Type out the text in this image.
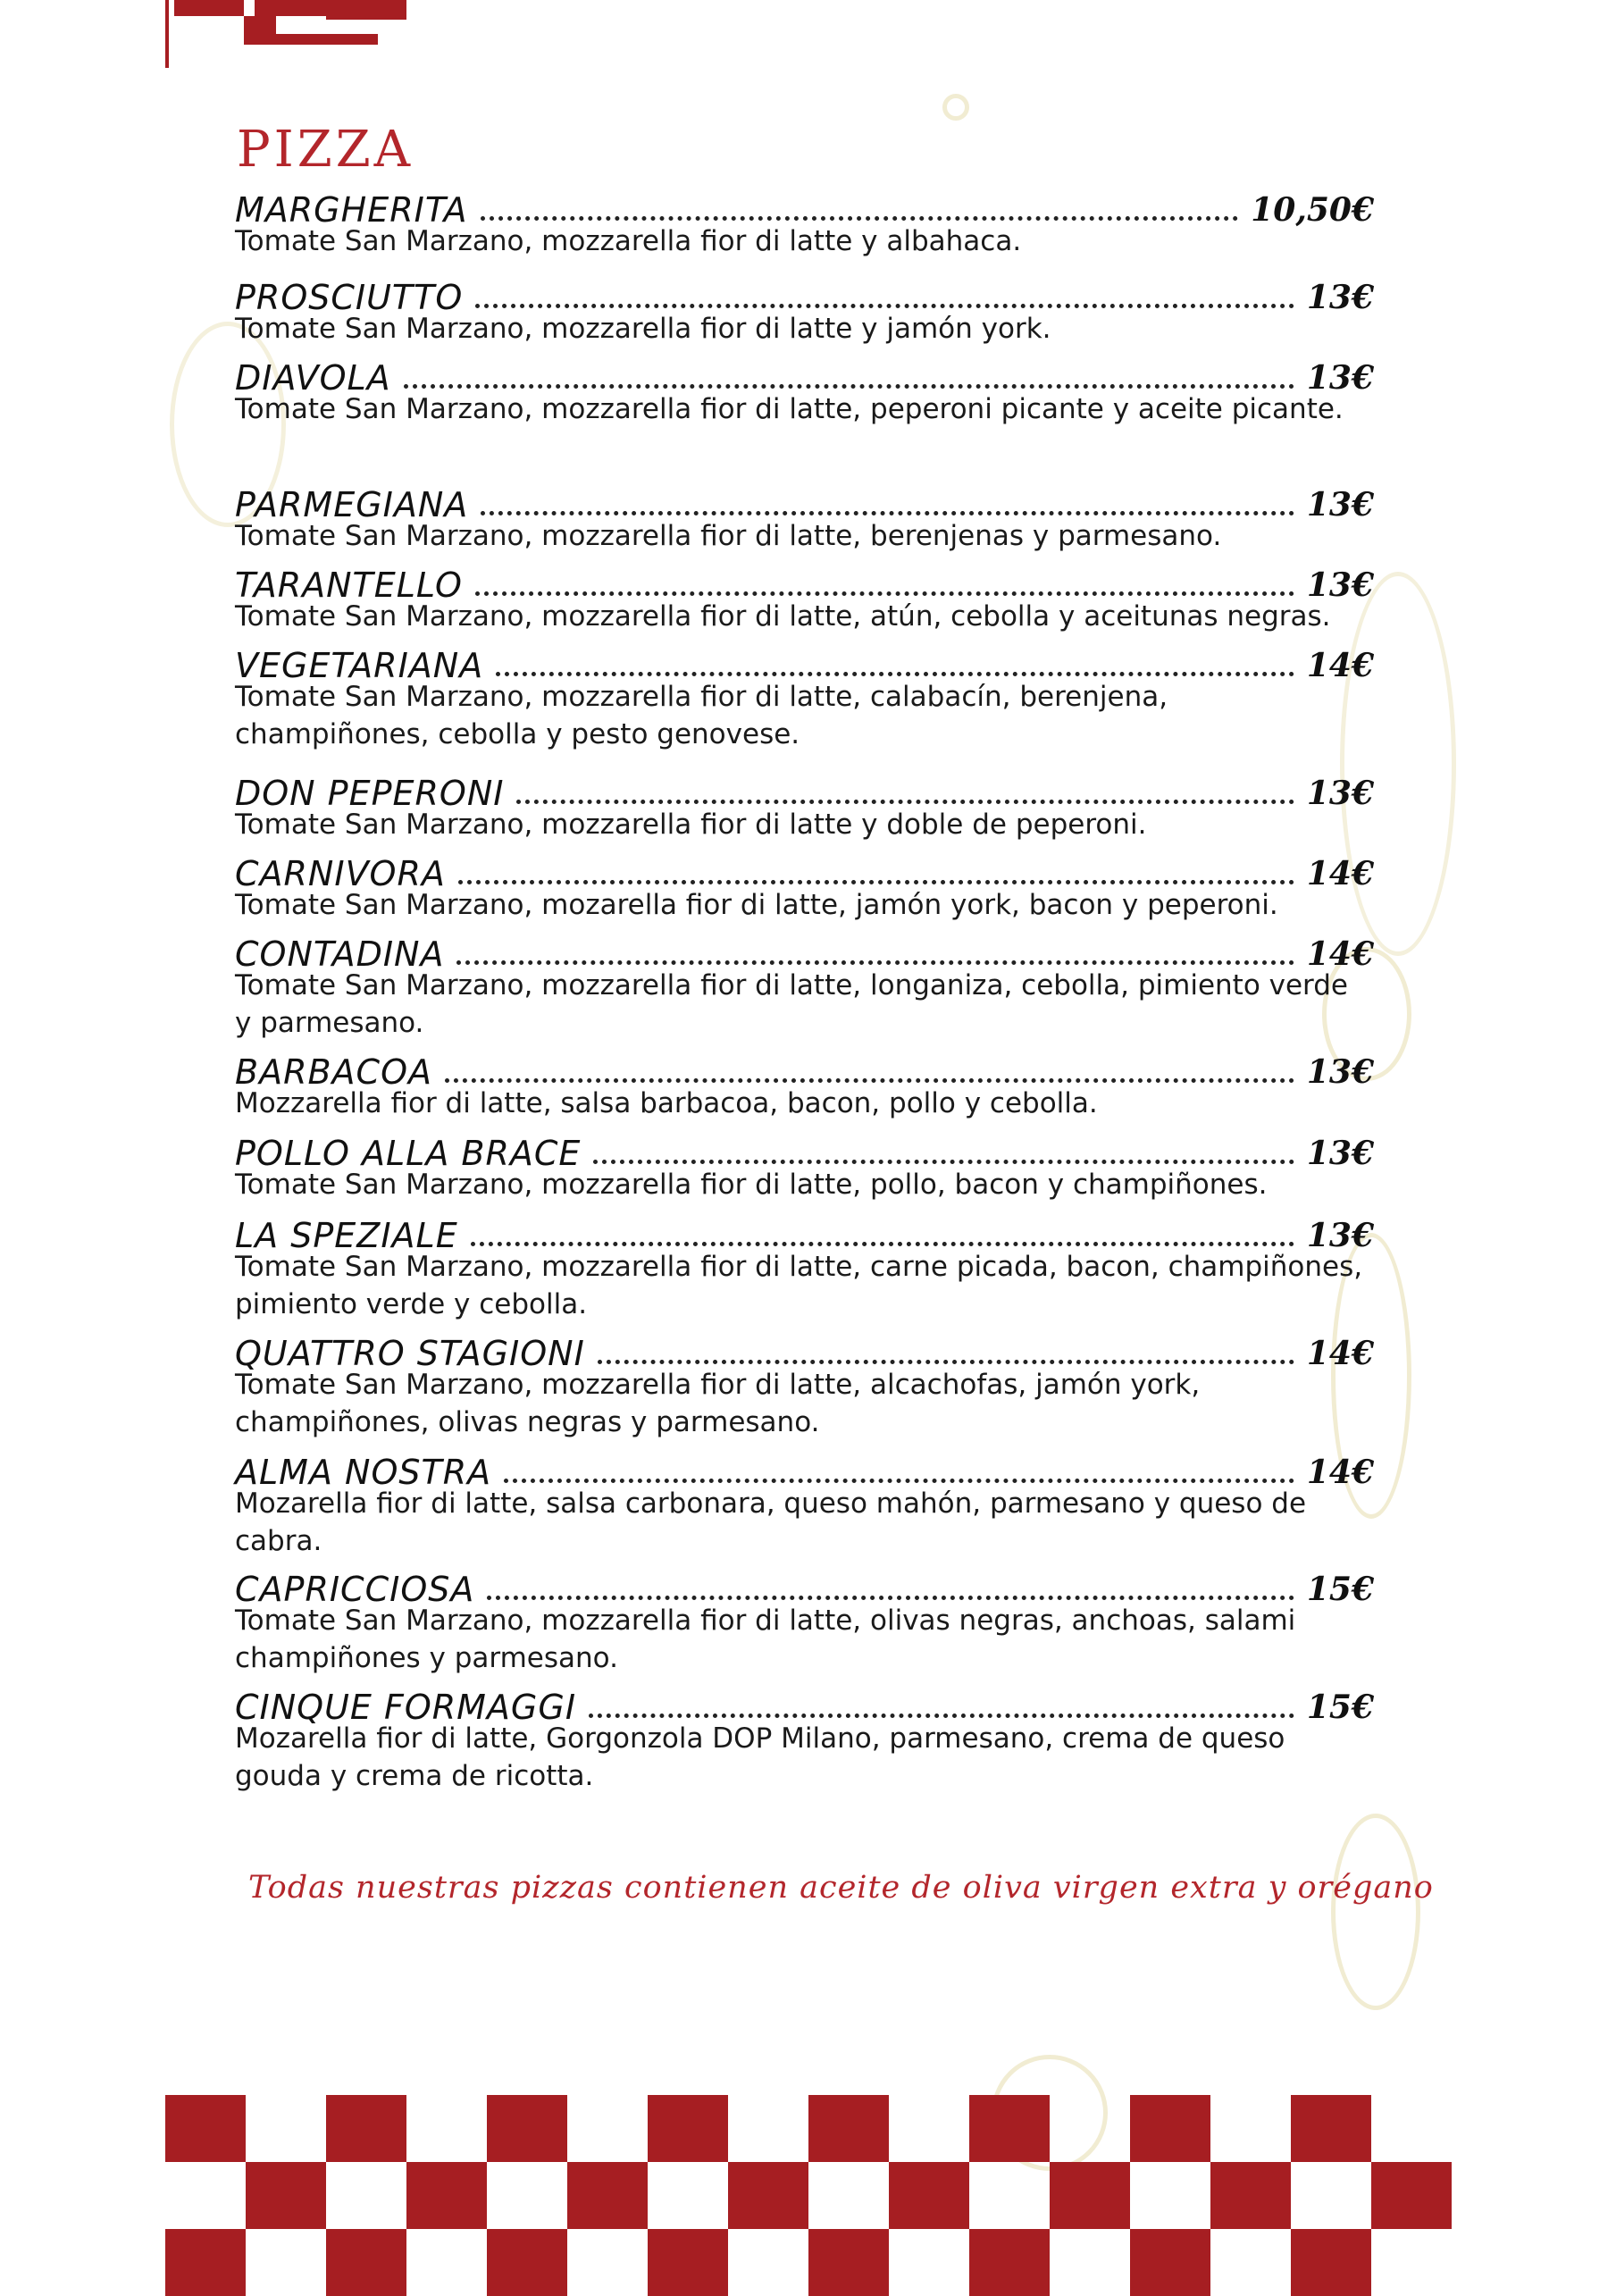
PIZZA
MARGHERITA	10,50€
Tomate San Marzano, mozzarella fior di latte y albahaca.
PROSCIUTTO	13€
Tomate San Marzano, mozzarella fior di latte y jamón york.
DIAVOLA	13€
Tomate San Marzano, mozzarella fior di latte, peperoni picante y aceite picante.
PARMEGIANA	13€
Tomate San Marzano, mozzarella fior di latte, berenjenas y parmesano.
TARANTELLO	13€
Tomate San Marzano, mozzarella fior di latte, atún, cebolla y aceitunas negras.
VEGETARIANA	14€
Tomate San Marzano, mozzarella fior di latte, calabacín, berenjena, champiñones, cebolla y pesto genovese.
DON PEPERONI	13€
Tomate San Marzano, mozzarella fior di latte y doble de peperoni.
CARNIVORA	14€
Tomate San Marzano, mozarella fior di latte, jamón york, bacon y peperoni.
CONTADINA	14€
Tomate San Marzano, mozzarella fior di latte, longaniza, cebolla, pimiento verde y parmesano.
BARBACOA	13€
Mozzarella fior di latte, salsa barbacoa, bacon, pollo y cebolla.
POLLO ALLA BRACE	13€
Tomate San Marzano, mozzarella fior di latte, pollo, bacon y champiñones.
LA SPEZIALE	13€
Tomate San Marzano, mozzarella fior di latte, carne picada, bacon, champiñones, pimiento verde y cebolla.
QUATTRO STAGIONI	14€
Tomate San Marzano, mozzarella fior di latte, alcachofas, jamón york, champiñones, olivas negras y parmesano.
ALMA NOSTRA	14€
Mozarella fior di latte, salsa carbonara, queso mahón, parmesano y queso de cabra.
CAPRICCIOSA	15€
Tomate San Marzano, mozzarella fior di latte, olivas negras, anchoas, salami champiñones y parmesano.
CINQUE FORMAGGI	15€
Mozarella fior di latte, Gorgonzola DOP Milano, parmesano, crema de queso gouda y crema de ricotta.
Todas nuestras pizzas contienen aceite de oliva virgen extra y orégano
